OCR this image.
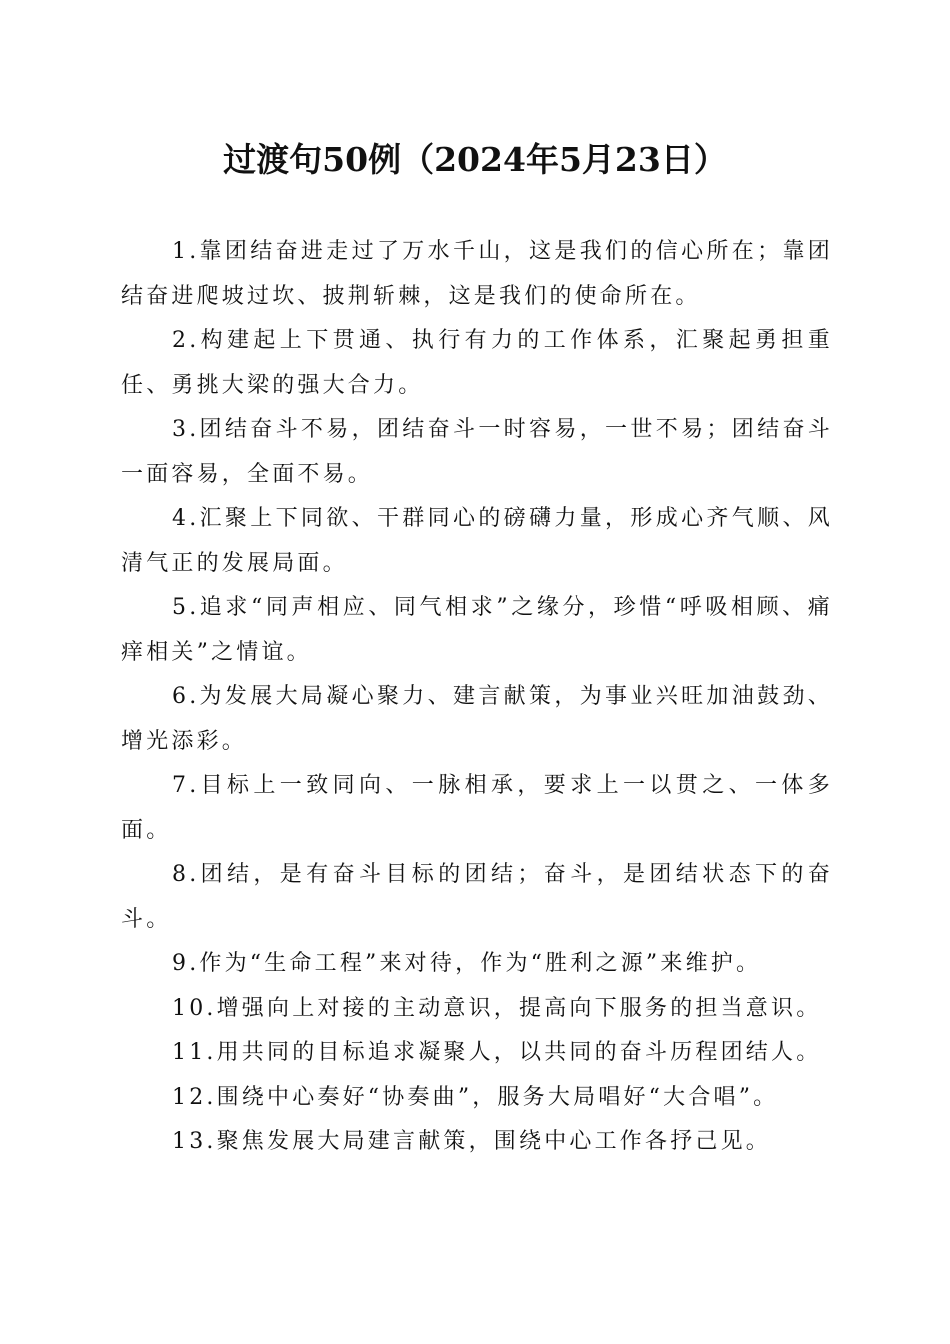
过渡句50例（2024年5月23日）

1.靠团结奋进走过了万水千山，这是我们的信心所在；靠团结奋进爬坡过坎、披荆斩棘，这是我们的使命所在。

2.构建起上下贯通、执行有力的工作体系，汇聚起勇担重任、勇挑大梁的强大合力。

3.团结奋斗不易，团结奋斗一时容易，一世不易；团结奋斗一面容易，全面不易。

4.汇聚上下同欲、干群同心的磅礴力量，形成心齐气顺、风清气正的发展局面。

5.追求“同声相应、同气相求”之缘分，珍惜“呼吸相顾、痛痒相关”之情谊。

6.为发展大局凝心聚力、建言献策，为事业兴旺加油鼓劲、增光添彩。

7.目标上一致同向、一脉相承，要求上一以贯之、一体多面。

8.团结，是有奋斗目标的团结；奋斗，是团结状态下的奋斗。

9.作为“生命工程”来对待，作为“胜利之源”来维护。

10.增强向上对接的主动意识，提高向下服务的担当意识。

11.用共同的目标追求凝聚人，以共同的奋斗历程团结人。

12.围绕中心奏好“协奏曲”，服务大局唱好“大合唱”。

13.聚焦发展大局建言献策，围绕中心工作各抒己见。
